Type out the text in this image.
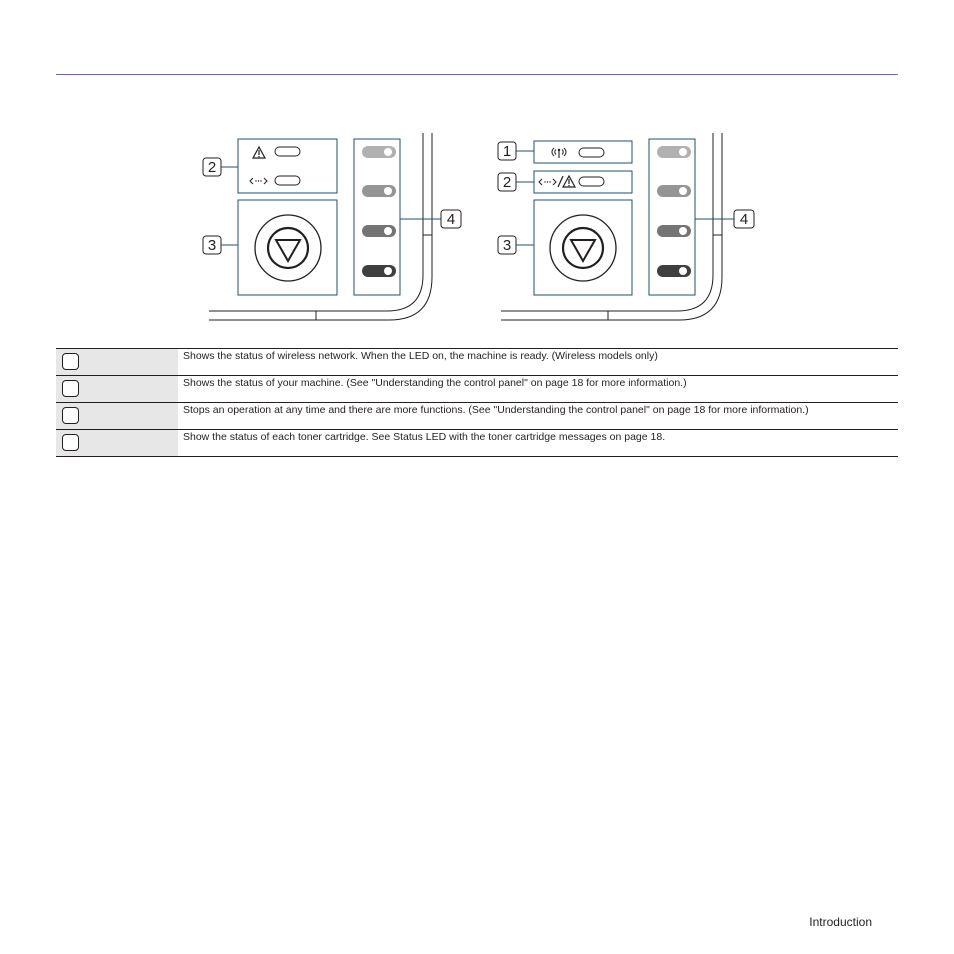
2
3
4
1
2
3
4
	Shows the status of wireless network. When the LED on, the machine is ready. (Wireless models only)
	Shows the status of your machine. (See "Understanding the control panel" on page 18 for more information.)
	Stops an operation at any time and there are more functions. (See "Understanding the control panel" on page 18 for more information.)
	Show the status of each toner cartridge. See Status LED with the toner cartridge messages on page 18.
Introduction
